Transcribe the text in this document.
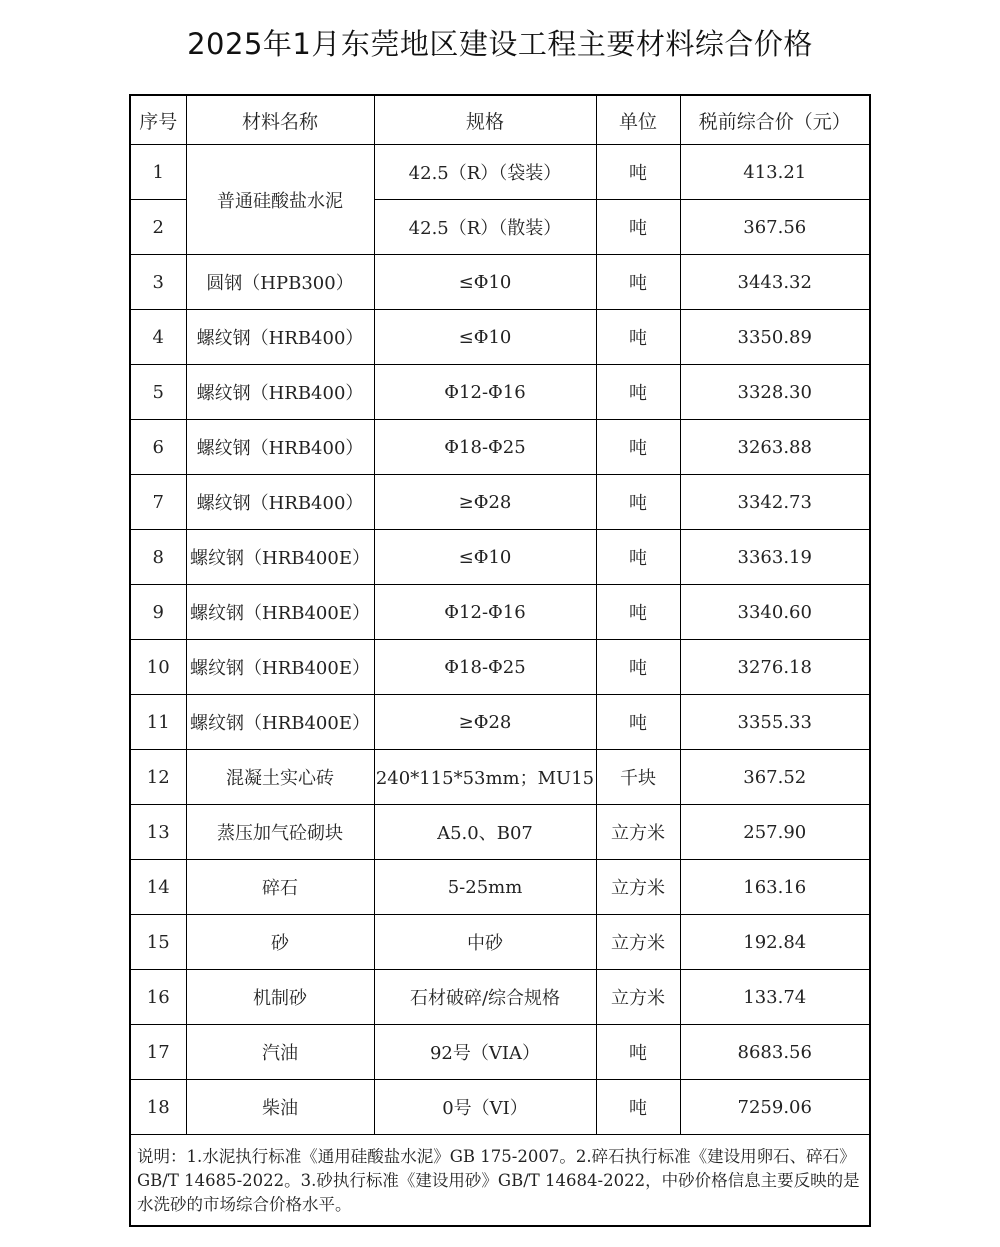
2025年1月东莞地区建设工程主要材料综合价格
序号	材料名称	规格	单位	税前综合价（元）
1	普通硅酸盐水泥	42.5（R）（袋装）	吨	413.21
2		42.5（R）（散装）	吨	367.56
3	圆钢（HPB300）	≤Φ10	吨	3443.32
4	螺纹钢（HRB400）	≤Φ10	吨	3350.89
5	螺纹钢（HRB400）	Φ12-Φ16	吨	3328.30
6	螺纹钢（HRB400）	Φ18-Φ25	吨	3263.88
7	螺纹钢（HRB400）	≥Φ28	吨	3342.73
8	螺纹钢（HRB400E）	≤Φ10	吨	3363.19
9	螺纹钢（HRB400E）	Φ12-Φ16	吨	3340.60
10	螺纹钢（HRB400E）	Φ18-Φ25	吨	3276.18
11	螺纹钢（HRB400E）	≥Φ28	吨	3355.33
12	混凝土实心砖	240*115*53mm；MU15	千块	367.52
13	蒸压加气砼砌块	A5.0、B07	立方米	257.90
14	碎石	5-25mm	立方米	163.16
15	砂	中砂	立方米	192.84
16	机制砂	石材破碎/综合规格	立方米	133.74
17	汽油	92号（VIA）	吨	8683.56
18	柴油	0号（VI）	吨	7259.06
说明：1.水泥执行标准《通用硅酸盐水泥》GB 175-2007。2.碎石执行标准《建设用卵石、碎石》GB/T 14685-2022。3.砂执行标准《建设用砂》GB/T 14684-2022，中砂价格信息主要反映的是水洗砂的市场综合价格水平。				
